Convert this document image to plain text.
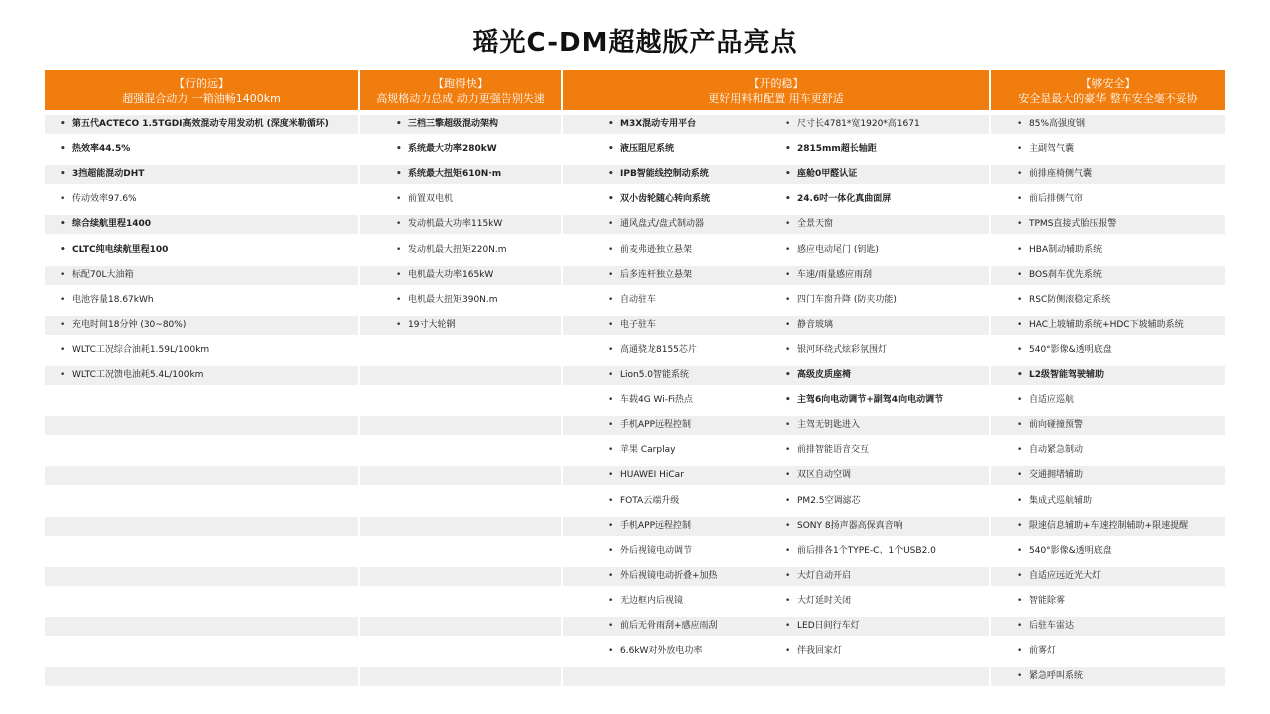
瑶光C-DM超越版产品亮点
【行的远】
超强混合动力 一箱油畅1400km
【跑得快】
高规格动力总成 动力更强告别失速
【开的稳】
更好用料和配置 用车更舒适
【够安全】
安全是最大的豪华 整车安全毫不妥协
• 第五代ACTECO 1.5TGDI高效混动专用发动机 (深度米勒循环)
• 热效率44.5%
• 3挡超能混动DHT
• 传动效率97.6%
• 综合续航里程1400
• CLTC纯电续航里程100
• 标配70L大油箱
• 电池容量18.67kWh
• 充电时间18分钟 (30~80%)
• WLTC工况综合油耗1.59L/100km
• WLTC工况馈电油耗5.4L/100km
• 三档三擎超级混动架构
• 系统最大功率280kW
• 系统最大扭矩610N·m
• 前置双电机
• 发动机最大功率115kW
• 发动机最大扭矩220N.m
• 电机最大功率165kW
• 电机最大扭矩390N.m
• 19寸大轮辋
• M3X混动专用平台
• 液压阻尼系统
• IPB智能线控制动系统
• 双小齿轮随心转向系统
• 通风盘式/盘式制动器
• 前麦弗逊独立悬架
• 后多连杆独立悬架
• 自动驻车
• 电子驻车
• 高通骁龙8155芯片
• Lion5.0智能系统
• 车载4G Wi-Fi热点
• 手机APP远程控制
• 苹果 Carplay
• HUAWEI HiCar
• FOTA云端升级
• 手机APP远程控制
• 外后视镜电动调节
• 外后视镜电动折叠+加热
• 无边框内后视镜
• 前后无骨雨刮+感应雨刮
• 6.6kW对外放电功率
• 尺寸长4781*宽1920*高1671
• 2815mm超长轴距
• 座舱0甲醛认证
• 24.6吋一体化真曲面屏
• 全景天窗
• 感应电动尾门 (钥匙)
• 车速/雨量感应雨刮
• 四门车窗升降 (防夹功能)
• 静音玻璃
• 银河环绕式炫彩氛围灯
• 高级皮质座椅
• 主驾6向电动调节+副驾4向电动调节
• 主驾无钥匙进入
• 前排智能语音交互
• 双区自动空调
• PM2.5空调滤芯
• SONY 8扬声器高保真音响
• 前后排各1个TYPE-C、1个USB2.0
• 大灯自动开启
• 大灯延时关闭
• LED日间行车灯
• 伴我回家灯
• 85%高强度钢
• 主副驾气囊
• 前排座椅侧气囊
• 前后排侧气帘
• TPMS直接式胎压报警
• HBA制动辅助系统
• BOS刹车优先系统
• RSC防侧滚稳定系统
• HAC上坡辅助系统+HDC下坡辅助系统
• 540°影像&透明底盘
• L2级智能驾驶辅助
• 自适应巡航
• 前向碰撞预警
• 自动紧急制动
• 交通拥堵辅助
• 集成式巡航辅助
• 限速信息辅助+车速控制辅助+限速提醒
• 540°影像&透明底盘
• 自适应远近光大灯
• 智能除雾
• 后驻车雷达
• 前雾灯
• 紧急呼叫系统
